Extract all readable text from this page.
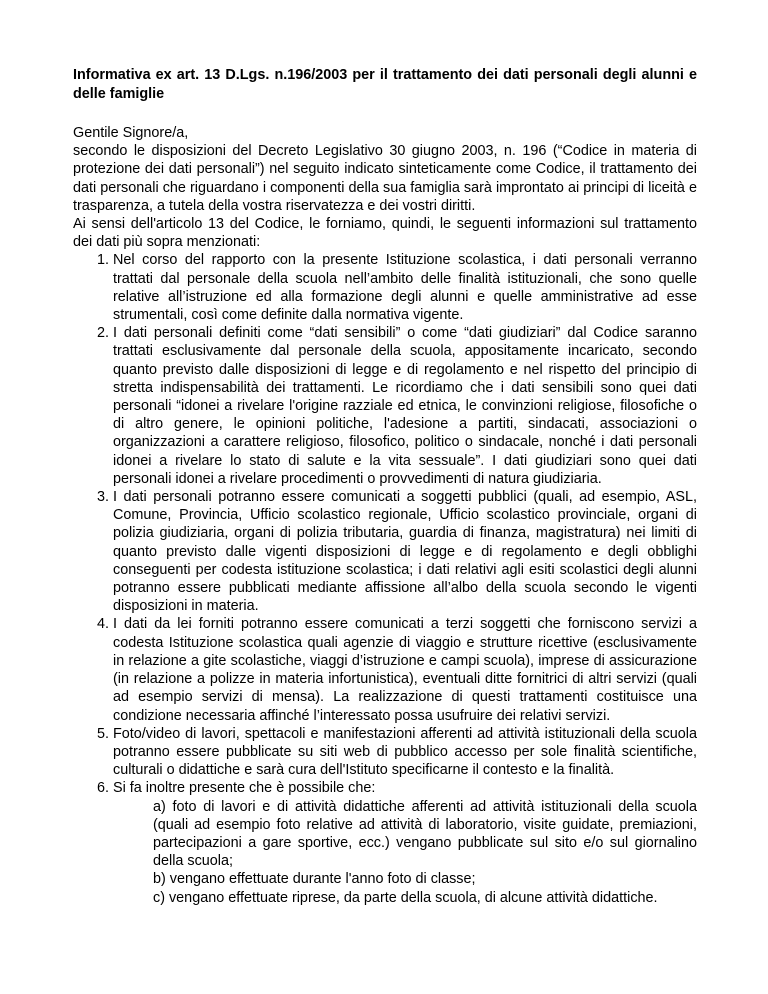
Informativa ex art. 13 D.Lgs. n.196/2003 per il trattamento dei dati personali degli alunni e delle famiglie

Gentile Signore/a,

secondo le disposizioni del Decreto Legislativo 30 giugno 2003, n. 196 (“Codice in materia di protezione dei dati personali”) nel seguito indicato sinteticamente come Codice, il trattamento dei dati personali che riguardano i componenti della sua famiglia sarà improntato ai principi di liceità e trasparenza, a tutela della vostra riservatezza e dei vostri diritti.

Ai sensi dell'articolo 13 del Codice, le forniamo, quindi, le seguenti informazioni sul trattamento dei dati più sopra menzionati:

1. Nel corso del rapporto con la presente Istituzione scolastica, i dati personali verranno trattati dal personale della scuola nell’ambito delle finalità istituzionali, che sono quelle relative all’istruzione ed alla formazione degli alunni e quelle amministrative ad esse strumentali, così come definite dalla normativa vigente.
2. I dati personali definiti come “dati sensibili” o come “dati giudiziari” dal Codice saranno trattati esclusivamente dal personale della scuola, appositamente incaricato, secondo quanto previsto dalle disposizioni di legge e di regolamento e nel rispetto del principio di stretta indispensabilità dei trattamenti. Le ricordiamo che i dati sensibili sono quei dati personali “idonei a rivelare l'origine razziale ed etnica, le convinzioni religiose, filosofiche o di altro genere, le opinioni politiche, l'adesione a partiti, sindacati, associazioni o organizzazioni a carattere religioso, filosofico, politico o sindacale, nonché i dati personali idonei a rivelare lo stato di salute e la vita sessuale”. I dati giudiziari sono quei dati personali idonei a rivelare procedimenti o provvedimenti di natura giudiziaria.
3. I dati personali potranno essere comunicati a soggetti pubblici (quali, ad esempio, ASL, Comune, Provincia, Ufficio scolastico regionale, Ufficio scolastico provinciale, organi di polizia giudiziaria, organi di polizia tributaria, guardia di finanza, magistratura) nei limiti di quanto previsto dalle vigenti disposizioni di legge e di regolamento e degli obblighi conseguenti per codesta istituzione scolastica; i dati relativi agli esiti scolastici degli alunni potranno essere pubblicati mediante affissione all’albo della scuola secondo le vigenti disposizioni in materia.
4. I dati da lei forniti potranno essere comunicati a terzi soggetti che forniscono servizi a codesta Istituzione scolastica quali agenzie di viaggio e strutture ricettive (esclusivamente in relazione a gite scolastiche, viaggi d’istruzione e campi scuola), imprese di assicurazione (in relazione a polizze in materia infortunistica), eventuali ditte fornitrici di altri servizi (quali ad esempio servizi di mensa). La realizzazione di questi trattamenti costituisce una condizione necessaria affinché l’interessato possa usufruire dei relativi servizi.
5. Foto/video di lavori, spettacoli e manifestazioni afferenti ad attività istituzionali della scuola potranno essere pubblicate su siti web di pubblico accesso per sole finalità scientifiche, culturali o didattiche e sarà cura dell'Istituto specificarne il contesto e la finalità.
6. Si fa inoltre presente che è possibile che:

a) foto di lavori e di attività didattiche afferenti ad attività istituzionali della scuola (quali ad esempio foto relative ad attività di laboratorio, visite guidate, premiazioni, partecipazioni a gare sportive, ecc.) vengano pubblicate sul sito e/o sul giornalino della scuola;

b) vengano effettuate durante l'anno foto di classe;

c) vengano effettuate riprese, da parte della scuola, di alcune attività didattiche.
